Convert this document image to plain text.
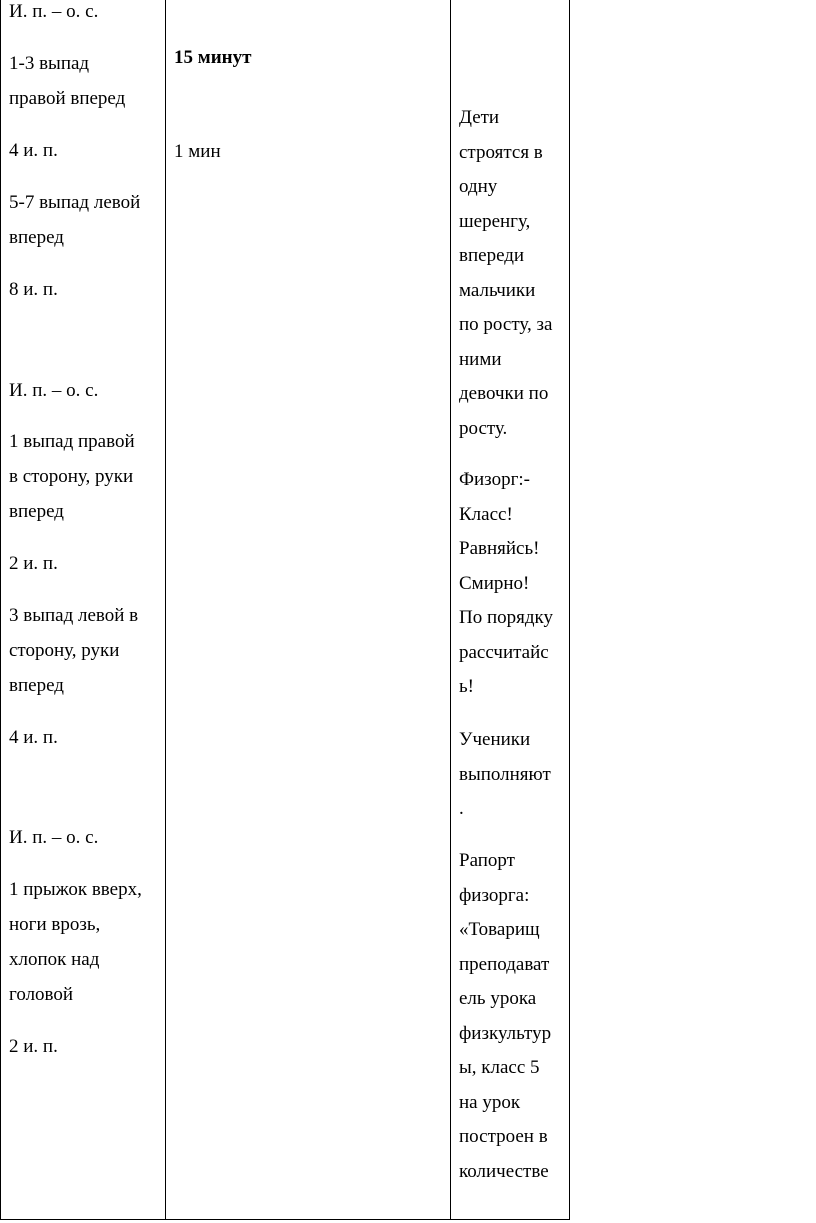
И. п. – о. с.
1-3 выпад
правой вперед
4 и. п.
5-7 выпад левой
вперед
8 и. п.
И. п. – о. с.
1 выпад правой
в сторону, руки
вперед
2 и. п.
3 выпад левой в
сторону, руки
вперед
4 и. п.
И. п. – о. с.
1 прыжок вверх,
ноги врозь,
хлопок над
головой
2 и. п.
15 минут
1 мин
Дети
строятся в
одну
шеренгу,
впереди
мальчики
по росту, за
ними
девочки по
росту.
Физорг:-
Класс!
Равняйсь!
Смирно!
По порядку
рассчитайс
ь!
Ученики
выполняют
.
Рапорт
физорга:
«Товарищ
преподават
ель урока
физкультур
ы, класс 5
на урок
построен в
количестве
